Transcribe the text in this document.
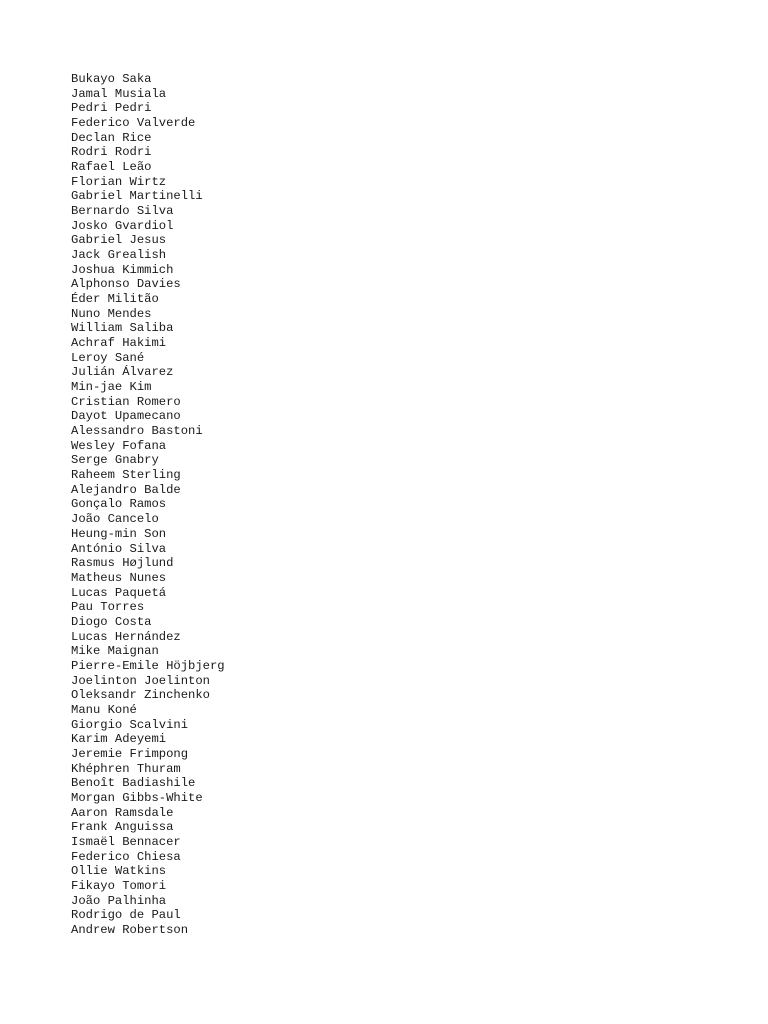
Bukayo Saka
Jamal Musiala
Pedri Pedri
Federico Valverde
Declan Rice
Rodri Rodri
Rafael Leão
Florian Wirtz
Gabriel Martinelli
Bernardo Silva
Josko Gvardiol
Gabriel Jesus
Jack Grealish
Joshua Kimmich
Alphonso Davies
Éder Militão
Nuno Mendes
William Saliba
Achraf Hakimi
Leroy Sané
Julián Álvarez
Min-jae Kim
Cristian Romero
Dayot Upamecano
Alessandro Bastoni
Wesley Fofana
Serge Gnabry
Raheem Sterling
Alejandro Balde
Gonçalo Ramos
João Cancelo
Heung-min Son
António Silva
Rasmus Højlund
Matheus Nunes
Lucas Paquetá
Pau Torres
Diogo Costa
Lucas Hernández
Mike Maignan
Pierre-Emile Höjbjerg
Joelinton Joelinton
Oleksandr Zinchenko
Manu Koné
Giorgio Scalvini
Karim Adeyemi
Jeremie Frimpong
Khéphren Thuram
Benoît Badiashile
Morgan Gibbs-White
Aaron Ramsdale
Frank Anguissa
Ismaël Bennacer
Federico Chiesa
Ollie Watkins
Fikayo Tomori
João Palhinha
Rodrigo de Paul
Andrew Robertson
